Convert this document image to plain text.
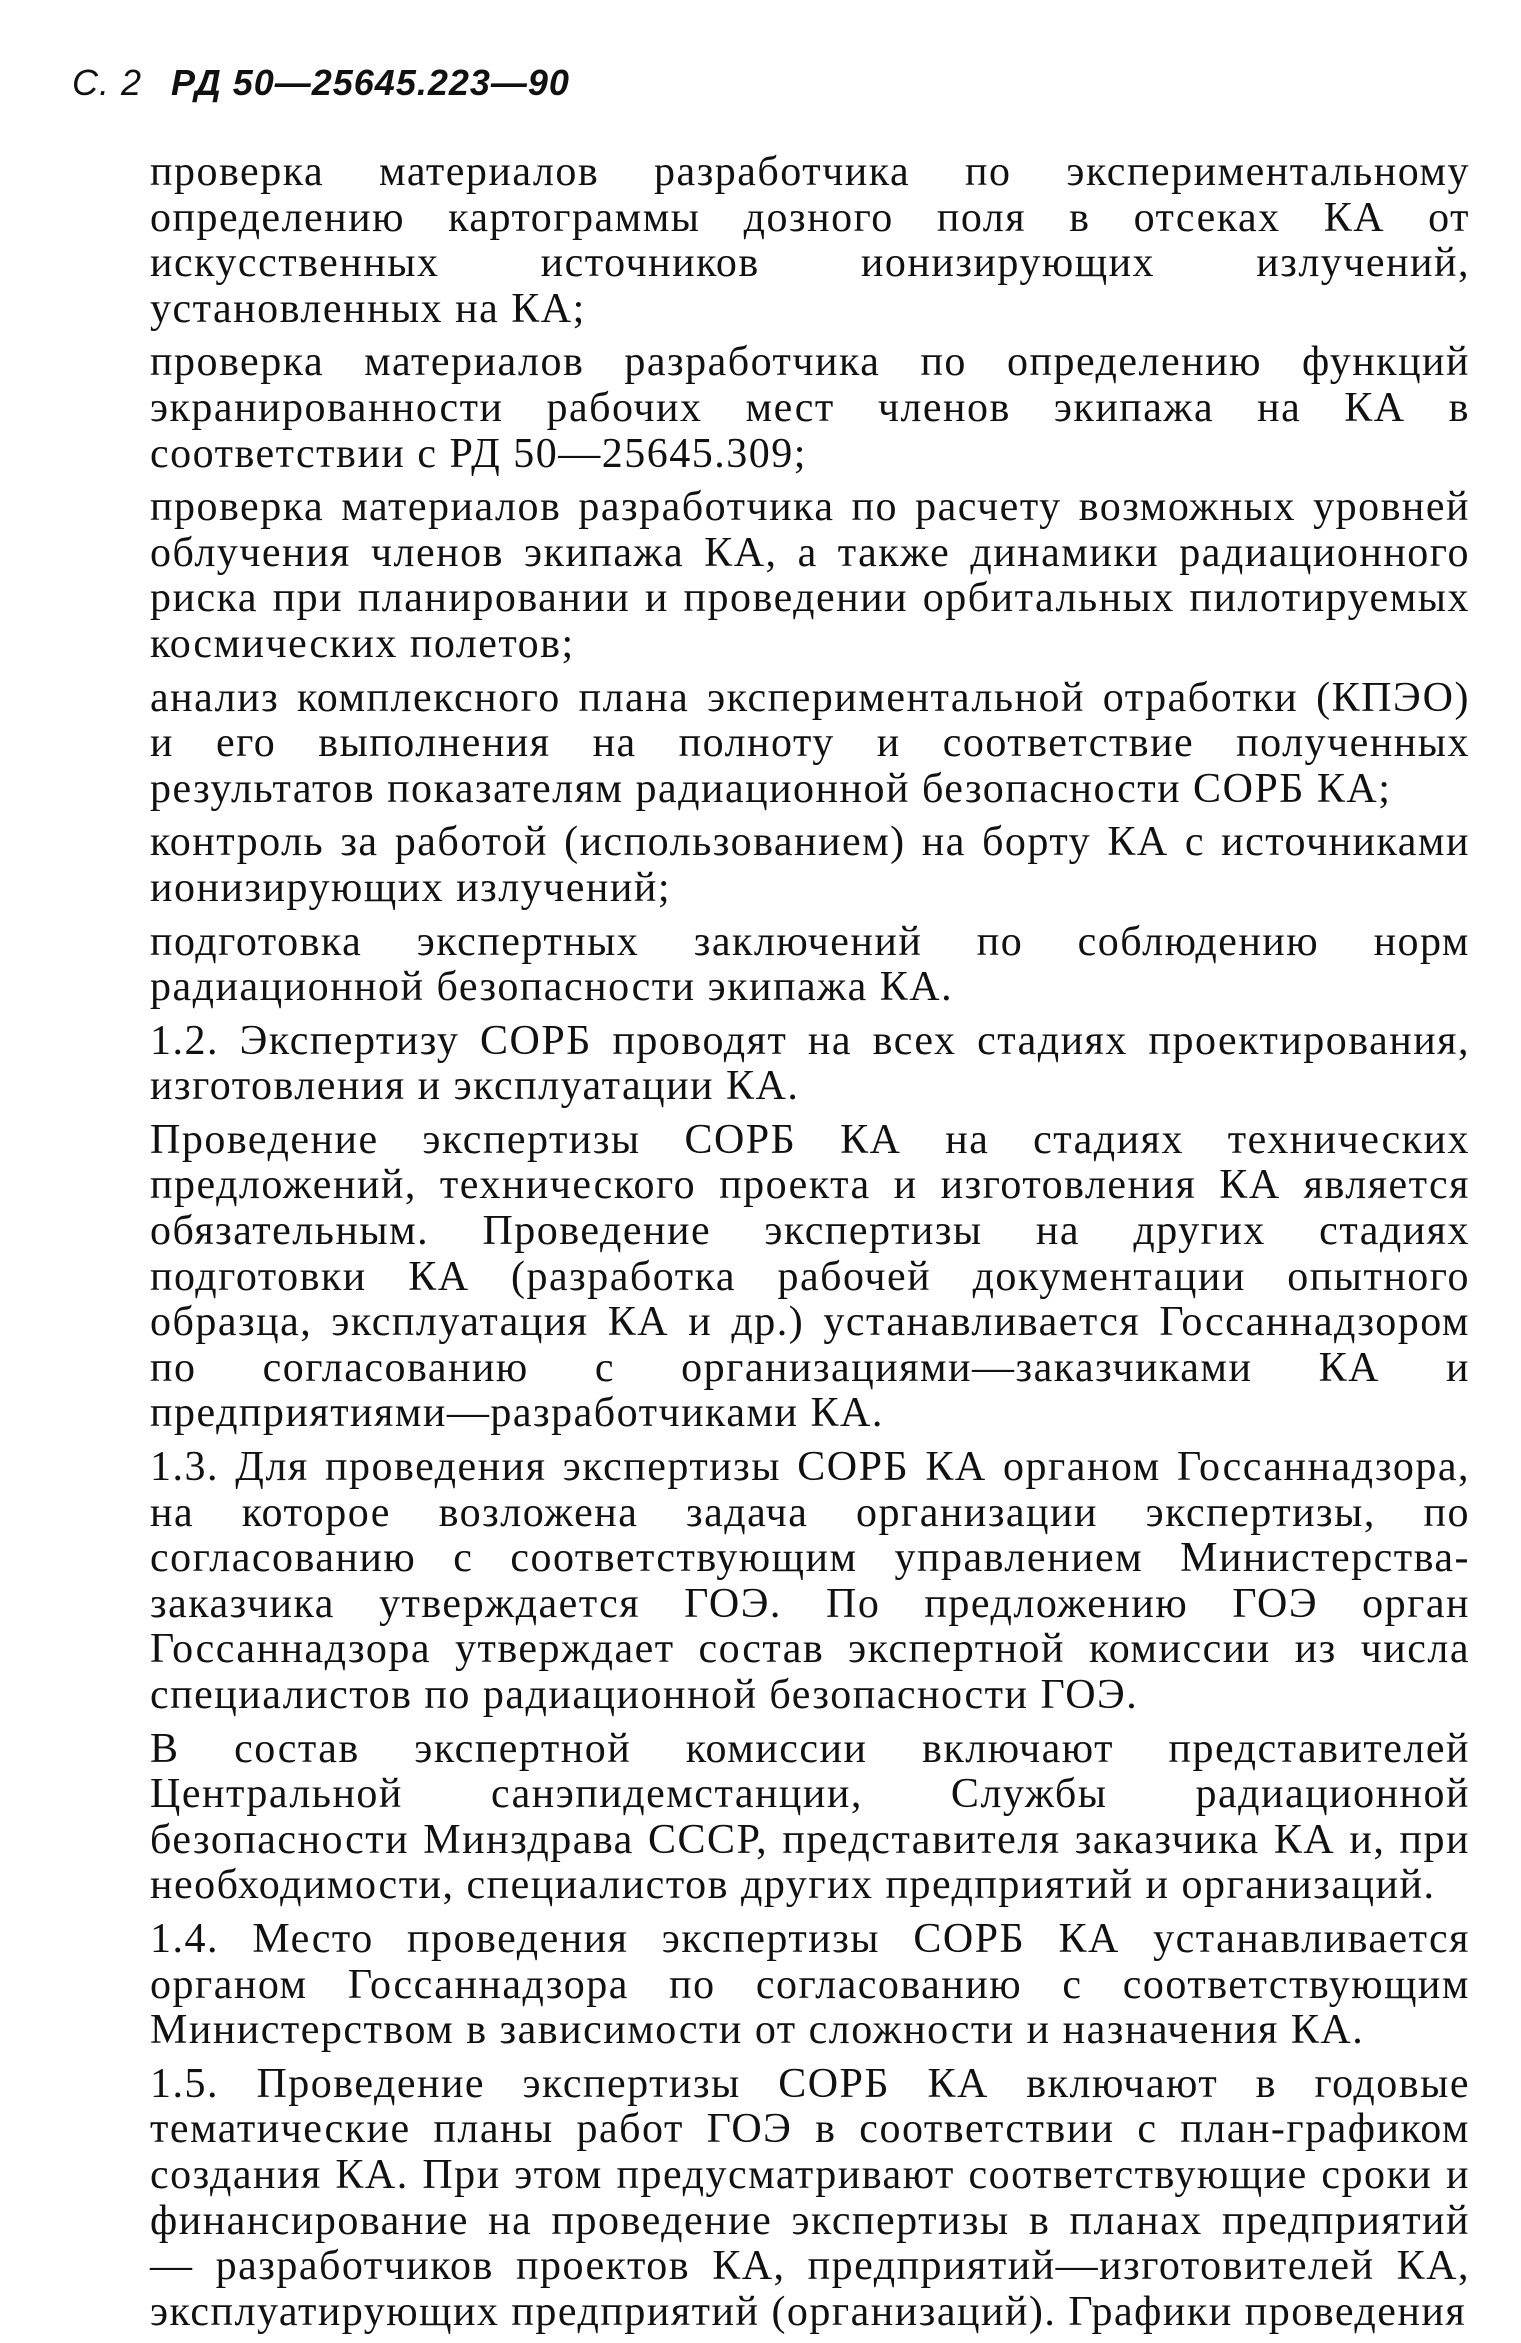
С. 2 РД 50—25645.223—90

проверка материалов разработчика по экспериментальному определению картограммы дозного поля в отсеках КА от искусственных источников ионизирующих излучений, установленных на КА;

проверка материалов разработчика по определению функций экранированности рабочих мест членов экипажа на КА в соответствии с РД 50—25645.309;

проверка материалов разработчика по расчету возможных уровней облучения членов экипажа КА, а также динамики радиационного риска при планировании и проведении орбитальных пилотируемых космических полетов;

анализ комплексного плана экспериментальной отработки (КПЭО) и его выполнения на полноту и соответствие полученных результатов показателям радиационной безопасности СОРБ КА;

контроль за работой (использованием) на борту КА с источниками ионизирующих излучений;

подготовка экспертных заключений по соблюдению норм радиационной безопасности экипажа КА.

1.2. Экспертизу СОРБ проводят на всех стадиях проектирования, изготовления и эксплуатации КА.

Проведение экспертизы СОРБ КА на стадиях технических предложений, технического проекта и изготовления КА является обязательным. Проведение экспертизы на других стадиях подготовки КА (разработка рабочей документации опытного образца, эксплуатация КА и др.) устанавливается Госсаннадзором по согласованию с организациями—заказчиками КА и предприятиями—разработчиками КА.

1.3. Для проведения экспертизы СОРБ КА органом Госсаннадзора, на которое возложена задача организации экспертизы, по согласованию с соответствующим управлением Министерства-заказчика утверждается ГОЭ. По предложению ГОЭ орган Госсаннадзора утверждает состав экспертной комиссии из числа специалистов по радиационной безопасности ГОЭ.

В состав экспертной комиссии включают представителей Центральной санэпидемстанции, Службы радиационной безопасности Минздрава СССР, представителя заказчика КА и, при необходимости, специалистов других предприятий и организаций.

1.4. Место проведения экспертизы СОРБ КА устанавливается органом Госсаннадзора по согласованию с соответствующим Министерством в зависимости от сложности и назначения КА.

1.5. Проведение экспертизы СОРБ КА включают в годовые тематические планы работ ГОЭ в соответствии с план-графиком создания КА. При этом предусматривают соответствующие сроки и финансирование на проведение экспертизы в планах предприятий — разработчиков проектов КА, предприятий—изготовителей КА, эксплуатирующих предприятий (организаций). Графики проведения
